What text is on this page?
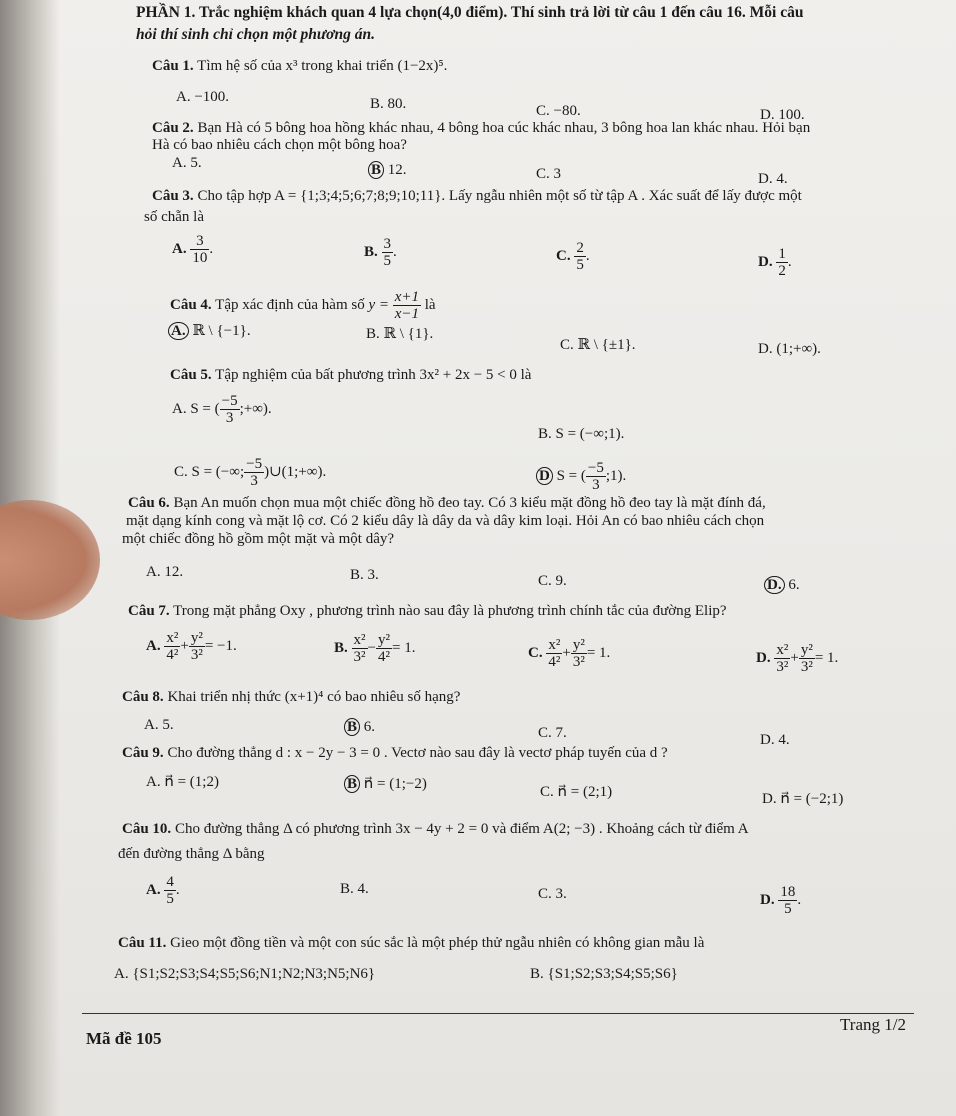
PHẦN 1. Trắc nghiệm khách quan 4 lựa chọn(4,0 điểm). Thí sinh trả lời từ câu 1 đến câu 16. Mỗi câu
hỏi thí sinh chỉ chọn một phương án.
Câu 1. Tìm hệ số của x³ trong khai triển (1−2x)⁵.
A. −100.	B. 80.	C. −80.	D. 100.
Câu 2. Bạn Hà có 5 bông hoa hồng khác nhau, 4 bông hoa cúc khác nhau, 3 bông hoa lan khác nhau. Hỏi bạn
Hà có bao nhiêu cách chọn một bông hoa?
A. 5.	B 12.	C. 3	D. 4.
Câu 3. Cho tập hợp A = {1;3;4;5;6;7;8;9;10;11}. Lấy ngẫu nhiên một số từ tập A . Xác suất để lấy được một
số chẵn là
A. $\frac{3}{10}$ .	B. $\frac{3}{5}$ .	C. $\frac{2}{5}$ .	D. $\frac{1}{2}$ .
Câu 4. Tập xác định của hàm số $y = \frac{x+1}{x-1}$ là
A. ℝ \ {−1}.	B. ℝ \ {1}.
C. ℝ \ {±1}.	D. (1;+∞).
Câu 5. Tập nghiệm của bất phương trình 3x² + 2x − 5 < 0 là
A. S = ( $\frac{-5}{3}$ ;+∞).
B. S = (−∞;1).
C. S = (−∞; $\frac{-5}{3}$ )∪(1;+∞).	D S = ( $\frac{-5}{3}$ ;1).
Câu 6. Bạn An muốn chọn mua một chiếc đồng hồ đeo tay. Có 3 kiểu mặt đồng hồ đeo tay là mặt đính đá,
mặt dạng kính cong và mặt lộ cơ. Có 2 kiểu dây là dây da và dây kim loại. Hỏi An có bao nhiêu cách chọn
một chiếc đồng hồ gồm một mặt và một dây?
A. 12.	B. 3.	C. 9.	D. 6.
Câu 7. Trong mặt phẳng Oxy , phương trình nào sau đây là phương trình chính tắc của đường Elip?
A. $\frac{\text{x²}}{\text{4²}} + \frac{\text{y²}}{\text{3²}} = -1$.	B. $\frac{\text{x²}}{\text{3²}} - \frac{\text{y²}}{\text{4²}} = 1$.	C. $\frac{\text{x²}}{\text{4²}} + \frac{\text{y²}}{\text{3²}} = 1$.	D. $\frac{\text{x²}}{\text{3²}} + \frac{\text{y²}}{\text{3²}} = 1$.
Câu 8. Khai triển nhị thức (x+1)⁴ có bao nhiêu số hạng?
A. 5.	B 6.	C. 7.	D. 4.
Câu 9. Cho đường thẳng d : x − 2y − 3 = 0 . Vectơ nào sau đây là vectơ pháp tuyến của d ?
A. n⃗ = (1;2)	B n⃗ = (1;−2)	C. n⃗ = (2;1)	D. n⃗ = (−2;1)
Câu 10. Cho đường thẳng Δ có phương trình 3x − 4y + 2 = 0 và điểm A(2; −3) . Khoảng cách từ điểm A
đến đường thẳng Δ bằng
A. $\frac{4}{5}$ .	B. 4.	C. 3.	D. $\frac{18}{5}$ .
Câu 11. Gieo một đồng tiền và một con súc sắc là một phép thử ngẫu nhiên có không gian mẫu là
A. {S1;S2;S3;S4;S5;S6;N1;N2;N3;N5;N6}	B. {S1;S2;S3;S4;S5;S6}
Mã đề 105
Trang 1/2
